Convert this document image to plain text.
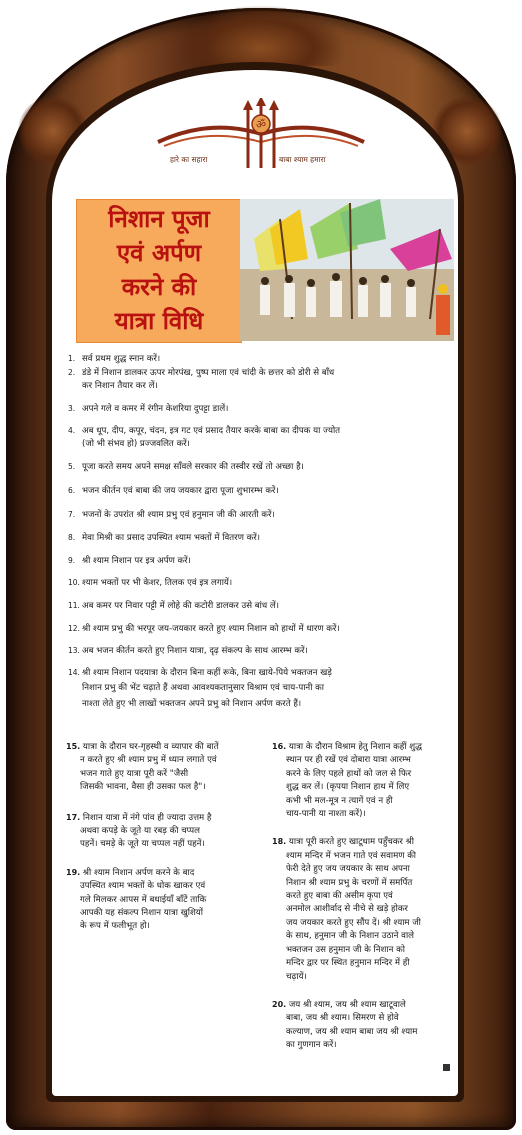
ॐ
हारे का सहारा	बाबा श्याम हमारा
निशान पूजा
एवं अर्पण
करने की
यात्रा विधि
1. सर्व प्रथम शुद्ध स्नान करें।
2. डंडे में निशान डालकर ऊपर मोरपंख, पुष्प माला एवं चांदी के छत्तर को डोरी से बाँध
कर निशान तैयार कर लें।
3. अपने गले व कमर में रंगीन केशरिया दुपट्टा डालें।
4. अब धूप, दीप, कपूर, चंदन, इत्र गट एवं प्रसाद तैयार करके बाबा का दीपक या ज्योत
(जो भी संभव हो) प्रज्जवलित करें।
5. पूजा करते समय अपने समक्ष साँवले सरकार की तस्वीर रखें तो अच्छा है।
6. भजन कीर्तन एवं बाबा की जय जयकार द्वारा पूजा शुभारम्भ करें।
7. भजनों के उपरांत श्री श्याम प्रभु एवं हनुमान जी की आरती करें।
8. मेवा मिश्री का प्रसाद उपस्थित श्याम भक्तों में वितरण करें।
9. श्री श्याम निशान पर इत्र अर्पण करें।
10. श्याम भक्तों पर भी केशर, तिलक एवं इत्र लगायें।
11. अब कमर पर निवार पट्टी में लोहे की कटोरी डालकर उसे बांध लें।
12. श्री श्याम प्रभु की भरपूर जय-जयकार करते हुए श्याम निशान को हाथों में धारण करें।
13. अब भजन कीर्तन करते हुए निशान यात्रा, दृढ़ संकल्प के साथ आरम्भ करें।
14. श्री श्याम निशान पदयात्रा के दौरान बिना कहीं रूके, बिना खाये-पिये भक्तजन खड़े
निशान प्रभु की भेंट चढ़ाते हैं अथवा आवश्यकतानुसार विश्राम एवं चाय-पानी का
नाश्ता लेते हुए भी लाखों भक्तजन अपने प्रभु को निशान अर्पण करते हैं।
15. यात्रा के दौरान घर-गृहस्थी व व्यापार की बातें
न करते हुए श्री श्याम प्रभु में ध्यान लगाते एवं
भजन गाते हुए यात्रा पूरी करें "जैसी
जिसकी भावना, वैसा ही उसका फल है"।
17. निशान यात्रा में नंगे पांव ही ज्यादा उत्तम है
अथवा कपड़े के जूते या रबड़ की चप्पल
पहनें। चमड़े के जूते या चप्पल नहीं पहनें।
19. श्री श्याम निशान अर्पण करने के बाद
उपस्थित श्याम भक्तों के धोक खाकर एवं
गले मिलकर आपस में बधाईयाँ बाँटें ताकि
आपकी यह संकल्प निशान यात्रा खुशियों
के रूप में फलीभूत हो।
16. यात्रा के दौरान विश्राम हेतु निशान कहीं शुद्ध
स्थान पर ही रखें एवं दोबारा यात्रा आरम्भ
करने के लिए पहले हाथों को जल से फिर
शुद्ध कर लें। (कृपया निशान हाथ में लिए
कभी भी मल-मूत्र न त्यागें एवं न ही
चाय-पानी या नाश्ता करें)।
18. यात्रा पूरी करते हुए खाटूधाम पहुँचकर श्री
श्याम मन्दिर में भजन गाते एवं सवामण की
फेरी देते हुए जय जयकार के साथ अपना
निशान श्री श्याम प्रभु के चरणों में समर्पित
करते हुए बाबा की असीम कृपा एवं
अनमोल आशीर्वाद से नीचे से खड़े होकर
जय जयकार करते हुए सौंप दें। श्री श्याम जी
के साथ, हनुमान जी के निशान उठाने वाले
भक्तजन उस हनुमान जी के निशान को
मन्दिर द्वार पर स्थित हनुमान मन्दिर में ही
चढ़ायें।
20. जय श्री श्याम, जय श्री श्याम खाटूवाले
बाबा, जय श्री श्याम। सिमरण से होवे
कल्याण, जय श्री श्याम बाबा जय श्री श्याम
का गुणगान करें।
